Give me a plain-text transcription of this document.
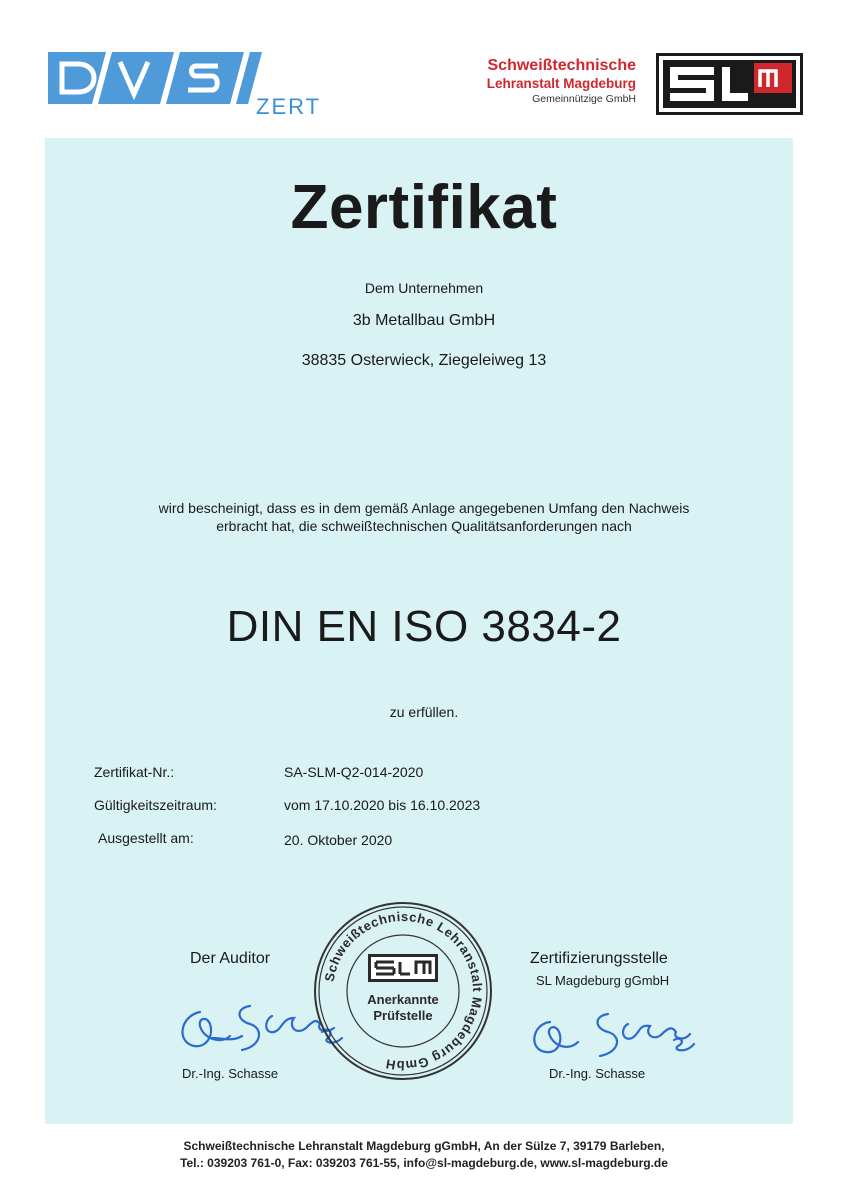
ZERT
Schweißtechnische
Lehranstalt Magdeburg
Gemeinnützige GmbH
Zertifikat
Dem Unternehmen
3b Metallbau GmbH
38835 Osterwieck, Ziegeleiweg 13
wird bescheinigt, dass es in dem gemäß Anlage angegebenen Umfang den Nachweis
erbracht hat, die schweißtechnischen Qualitätsanforderungen nach
DIN EN ISO 3834-2
zu erfüllen.
Zertifikat-Nr.:	SA-SLM-Q2-014-2020
Gültigkeitszeitraum:	vom 17.10.2020 bis 16.10.2023
Ausgestellt am:	20. Oktober 2020
Der Auditor
Dr.-Ing. Schasse
Zertifizierungsstelle
SL Magdeburg gGmbH
Dr.-Ing. Schasse
Schweißtechnische Lehranstalt Magdeburg GmbH
Anerkannte
Prüfstelle
Schweißtechnische Lehranstalt Magdeburg gGmbH, An der Sülze 7, 39179 Barleben,
Tel.: 039203 761-0, Fax: 039203 761-55, info@sl-magdeburg.de, www.sl-magdeburg.de
